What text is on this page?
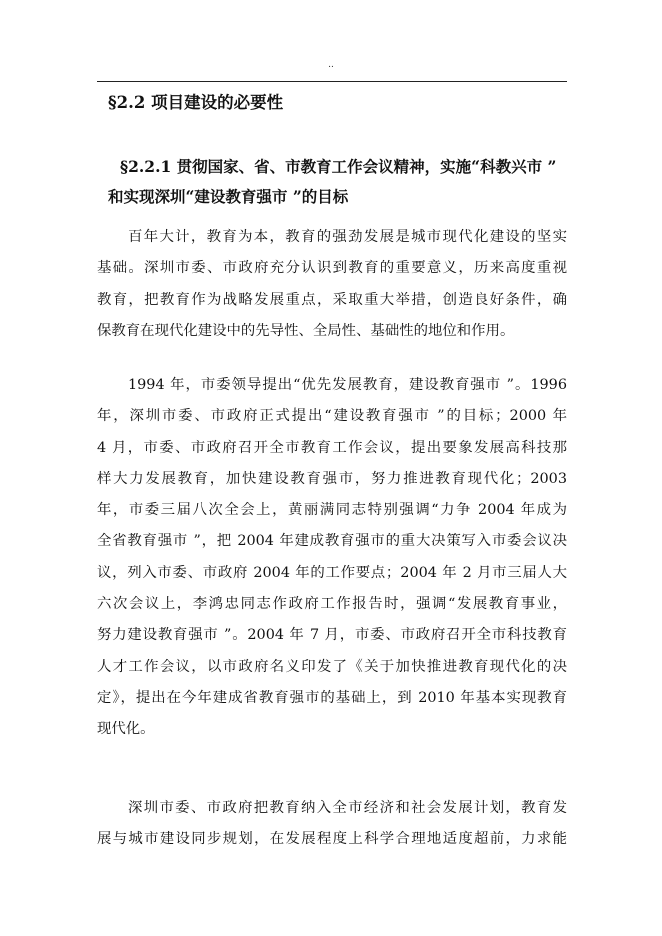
..
§2.2 项目建设的必要性
§2.2.1 贯彻国家、省、市教育工作会议精神，实施“科教兴市 ”
和实现深圳“建设教育强市 ”的目标
百年大计，教育为本，教育的强劲发展是城市现代化建设的坚实
基础。深圳市委、市政府充分认识到教育的重要意义，历来高度重视
教育，把教育作为战略发展重点，采取重大举措，创造良好条件，确
保教育在现代化建设中的先导性、全局性、基础性的地位和作用。
1994 年，市委领导提出“优先发展教育，建设教育强市 ”。1996
年，深圳市委、市政府正式提出“建设教育强市 ”的目标；2000 年
4 月，市委、市政府召开全市教育工作会议，提出要象发展高科技那
样大力发展教育，加快建设教育强市，努力推进教育现代化；2003
年，市委三届八次全会上，黄丽满同志特别强调“力争 2004 年成为
全省教育强市 ”，把 2004 年建成教育强市的重大决策写入市委会议决
议，列入市委、市政府 2004 年的工作要点；2004 年 2 月市三届人大
六次会议上，李鸿忠同志作政府工作报告时，强调“发展教育事业，
努力建设教育强市 ”。2004 年 7 月，市委、市政府召开全市科技教育
人才工作会议，以市政府名义印发了《关于加快推进教育现代化的决
定》，提出在今年建成省教育强市的基础上，到 2010 年基本实现教育
现代化。
深圳市委、市政府把教育纳入全市经济和社会发展计划，教育发
展与城市建设同步规划，在发展程度上科学合理地适度超前，力求能
